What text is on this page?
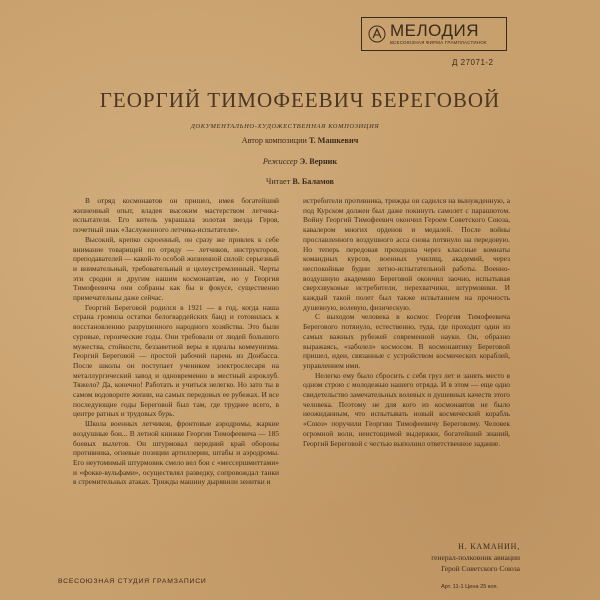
МЕЛОДИЯ
ВСЕСОЮЗНАЯ ФИРМА ГРАМПЛАСТИНОК
Д 27071-2
ГЕОРГИЙ ТИМОФЕЕВИЧ БЕРЕГОВОЙ
ДОКУМЕНТАЛЬНО-ХУДОЖЕСТВЕННАЯ КОМПОЗИЦИЯ
Автор композиции Т. Машкевич
Режиссер Э. Верник
Читает В. Баламов

В отряд космонавтов он пришел, имея богатейший жизненный опыт, владея высоким мастерством летчика-испытателя. Его китель украшала золотая звезда Героя, почетный знак «Заслуженного летчика-испытателя».

Высокий, крепко скроенный, он сразу же привлек к себе внимание товарищей по отряду — летчиков, инструкторов, преподавателей — какой-то особой жизненной силой: серьезный и внимательный, требовательный и целеустремленный. Черты эти сродни и другим нашим космонавтам, но у Георгия Тимофеевича они собраны как бы в фокусе, существенно примечательны даже сейчас.

Георгий Береговой родился в 1921 — в год, когда наша страна громила остатки белогвардейских банд и готовилась к восстановлению разрушенного народного хозяйства. Это были суровые, героические годы. Они требовали от людей большого мужества, стойкости, беззаветной веры в идеалы коммунизма. Георгий Береговой — простой рабочий парень из Донбасса. После школы он поступает учеником электрослесаря на металлургический завод и одновременно в местный аэроклуб. Тяжело? Да, конечно! Работать и учиться нелегко. Но зато ты в самом водовороте жизни, на самых передовых ее рубежах. И все последующие годы Береговой был там, где труднее всего, в центре ратных и трудовых бурь.

Школа военных летчиков, фронтовые аэродромы, жаркие воздушные бои... В летной книжке Георгия Тимофеевича — 185 боевых вылетов. Он штурмовал передний край обороны противника, огневые позиции артиллерии, штабы и аэродромы. Его неутомимый штурмовик смело вел бои с «мессершмиттами» и «фокке-вульфами», осуществлял разведку, сопровождал танки в стремительных атаках. Трижды машину дырявили зенитки и

истребители противника, трижды он садился на вынужденную, а под Курском должен был даже покинуть самолет с парашютом. Войну Георгий Тимофеевич окончил Героем Советского Союза, кавалером многих орденов и медалей. После войны прославленного воздушного асса снова потянуло на передовую. Но теперь передовая проходила через классные комнаты командных курсов, военных училищ, академий, через неспокойные будни летно-испытательной работы. Военно-воздушную академию Береговой окончил заочно, испытывая сверхзвуковые истребители, перехватчики, штурмовики. И каждый такой полет был также испытанием на прочность душевную, волевую, физическую.

С выходом человека в космос Георгия Тимофеевича Берегового потянуло, естественно, туда, где проходит один из самых важных рубежей современной науки. Он, образно выражаясь, «заболел» космосом. В космонавтику Береговой пришел, идеи, связанные с устройством космических кораблей, управлением ими.

Нелегко ему было сбросить с себя груз лет и занять место в одном строю с молодежью нашего отряда. И в этом — еще одно свидетельство замечательных волевых и душевных качеств этого человека. Поэтому не для кого из космонавтов не было неожиданным, что испытывать новый космический корабль «Союз» поручили Георгию Тимофеевичу Береговому. Человек огромной воли, неистощимой выдержки, богатейший знаний, Георгий Береговой с честью выполнил ответственное задание.

Н. КАМАНИН,
генерал-полковник авиации
Герой Советского Союза
ВСЕСОЮЗНАЯ СТУДИЯ ГРАМЗАПИСИ
Арт. 11-1 Цена 25 коп.
